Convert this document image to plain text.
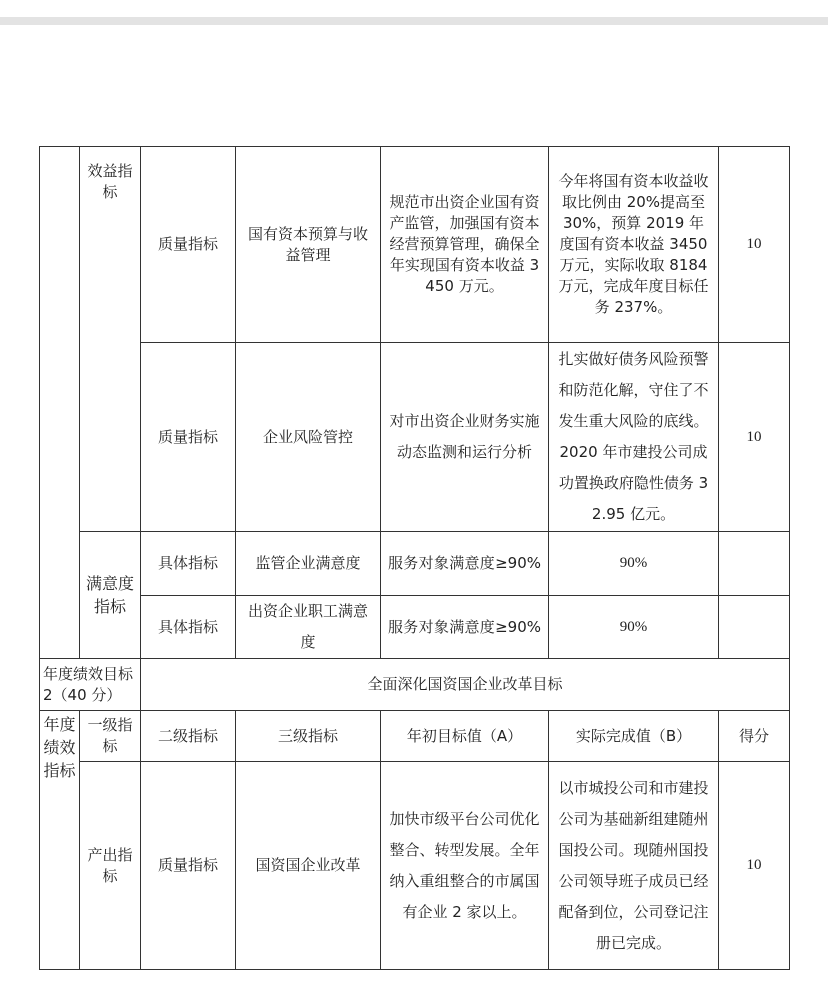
	效益指标	质量指标	国有资本预算与收益管理	规范市出资企业国有资产监管，加强国有资本经营预算管理，确保全年实现国有资本收益 3450 万元。	今年将国有资本收益收取比例由 20%提高至 30%，预算 2019 年度国有资本收益 3450 万元，实际收取 8184 万元，完成年度目标任务 237%。	10
		质量指标	企业风险管控	对市出资企业财务实施动态监测和运行分析	扎实做好债务风险预警和防范化解，守住了不发生重大风险的底线。2020 年市建投公司成功置换政府隐性债务 32.95 亿元。	10
	满意度指标	具体指标	监管企业满意度	服务对象满意度≥90%	90%	
		具体指标	出资企业职工满意度	服务对象满意度≥90%	90%	
年度绩效目标 2（40 分）		全面深化国资国企业改革目标				
年度绩效指标	一级指标	二级指标	三级指标	年初目标值（A）	实际完成值（B）	得分
	产出指标	质量指标	国资国企业改革	加快市级平台公司优化整合、转型发展。全年纳入重组整合的市属国有企业 2 家以上。	以市城投公司和市建投公司为基础新组建随州国投公司。现随州国投公司领导班子成员已经配备到位，公司登记注册已完成。	10
